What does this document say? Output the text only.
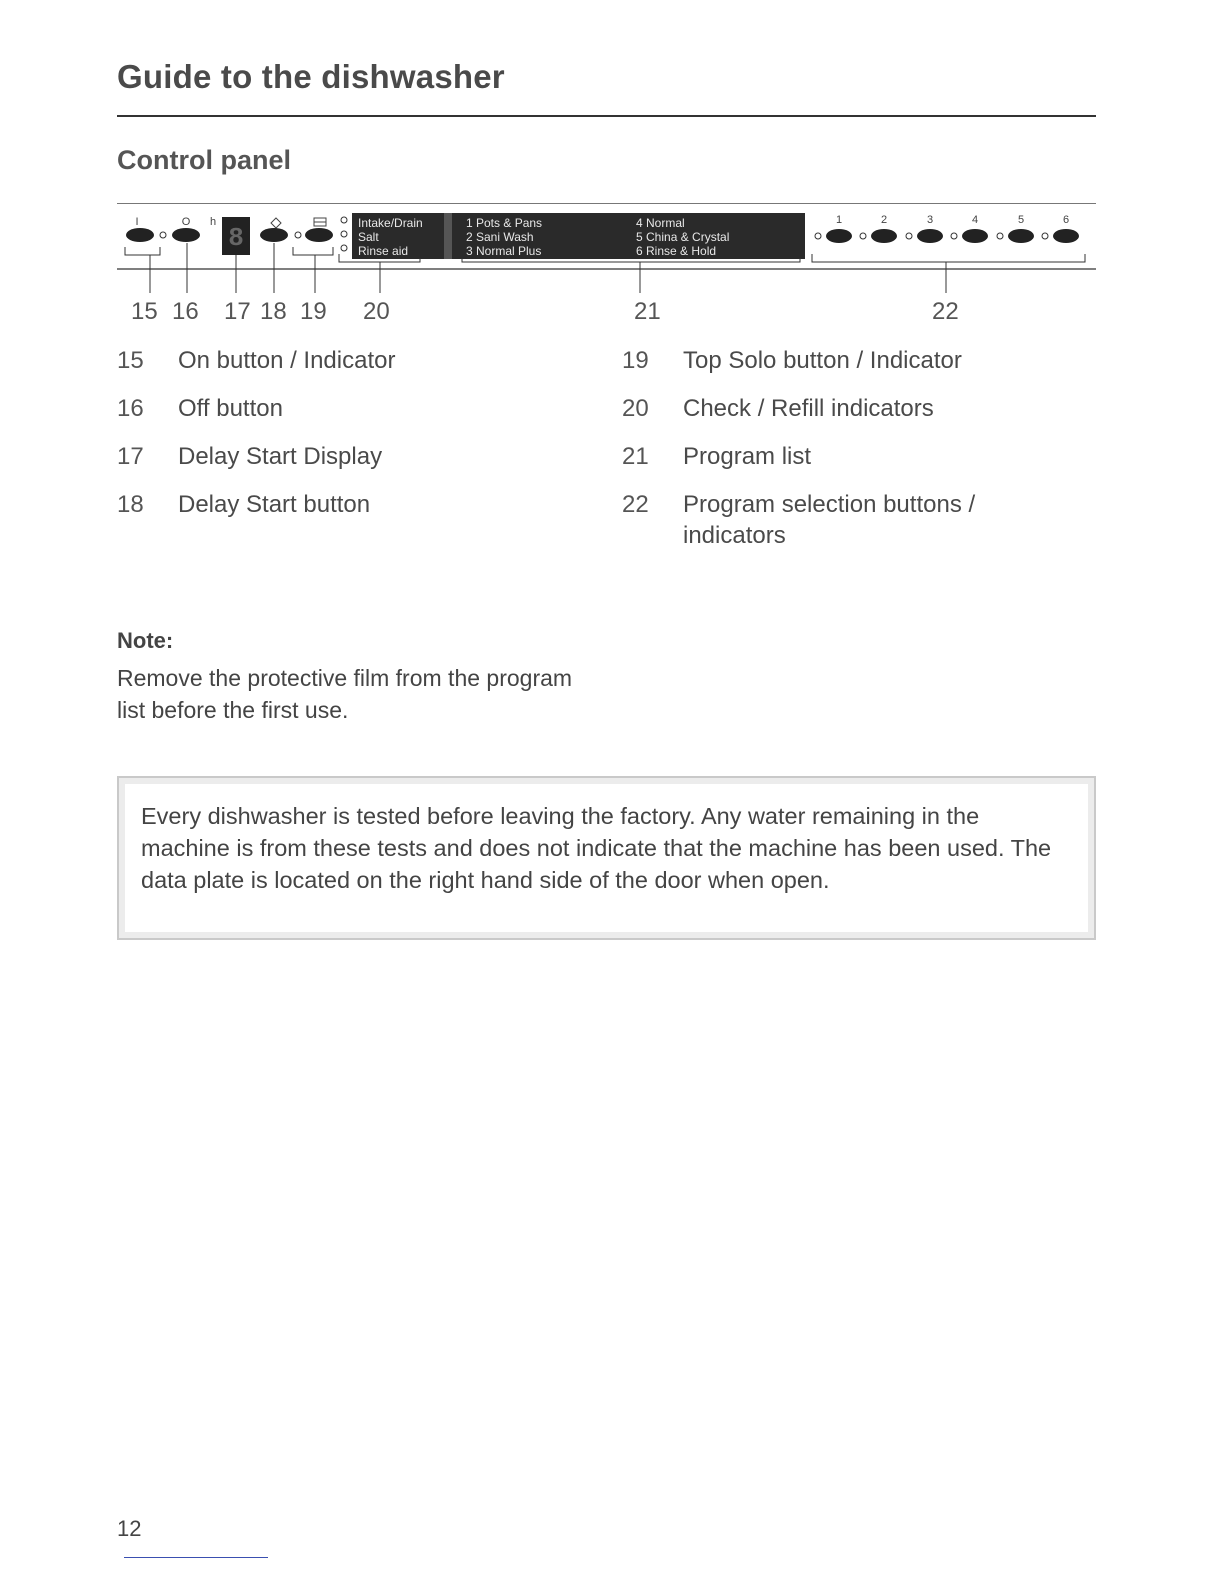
Guide to the dishwasher
Control panel
I	O h
8	Intake/Drain
Salt
Rinse aid
1 Pots & Pans
2 Sani Wash
3 Normal Plus
4 Normal
5 China & Crystal
6 Rinse & Hold
1	2	3	4	5	6
15 16 17 18 19 20	21	22

15 On button / Indicator

16 Off button

17 Delay Start Display

18 Delay Start button

19 Top Solo button / Indicator

20 Check / Refill indicators

21 Program list

22 Program selection buttons / indicators

Note:

Remove the protective film from the program list before the first use.

Every dishwasher is tested before leaving the factory. Any water remaining in the machine is from these tests and does not indicate that the machine has been used. The data plate is located on the right hand side of the door when open.

12
